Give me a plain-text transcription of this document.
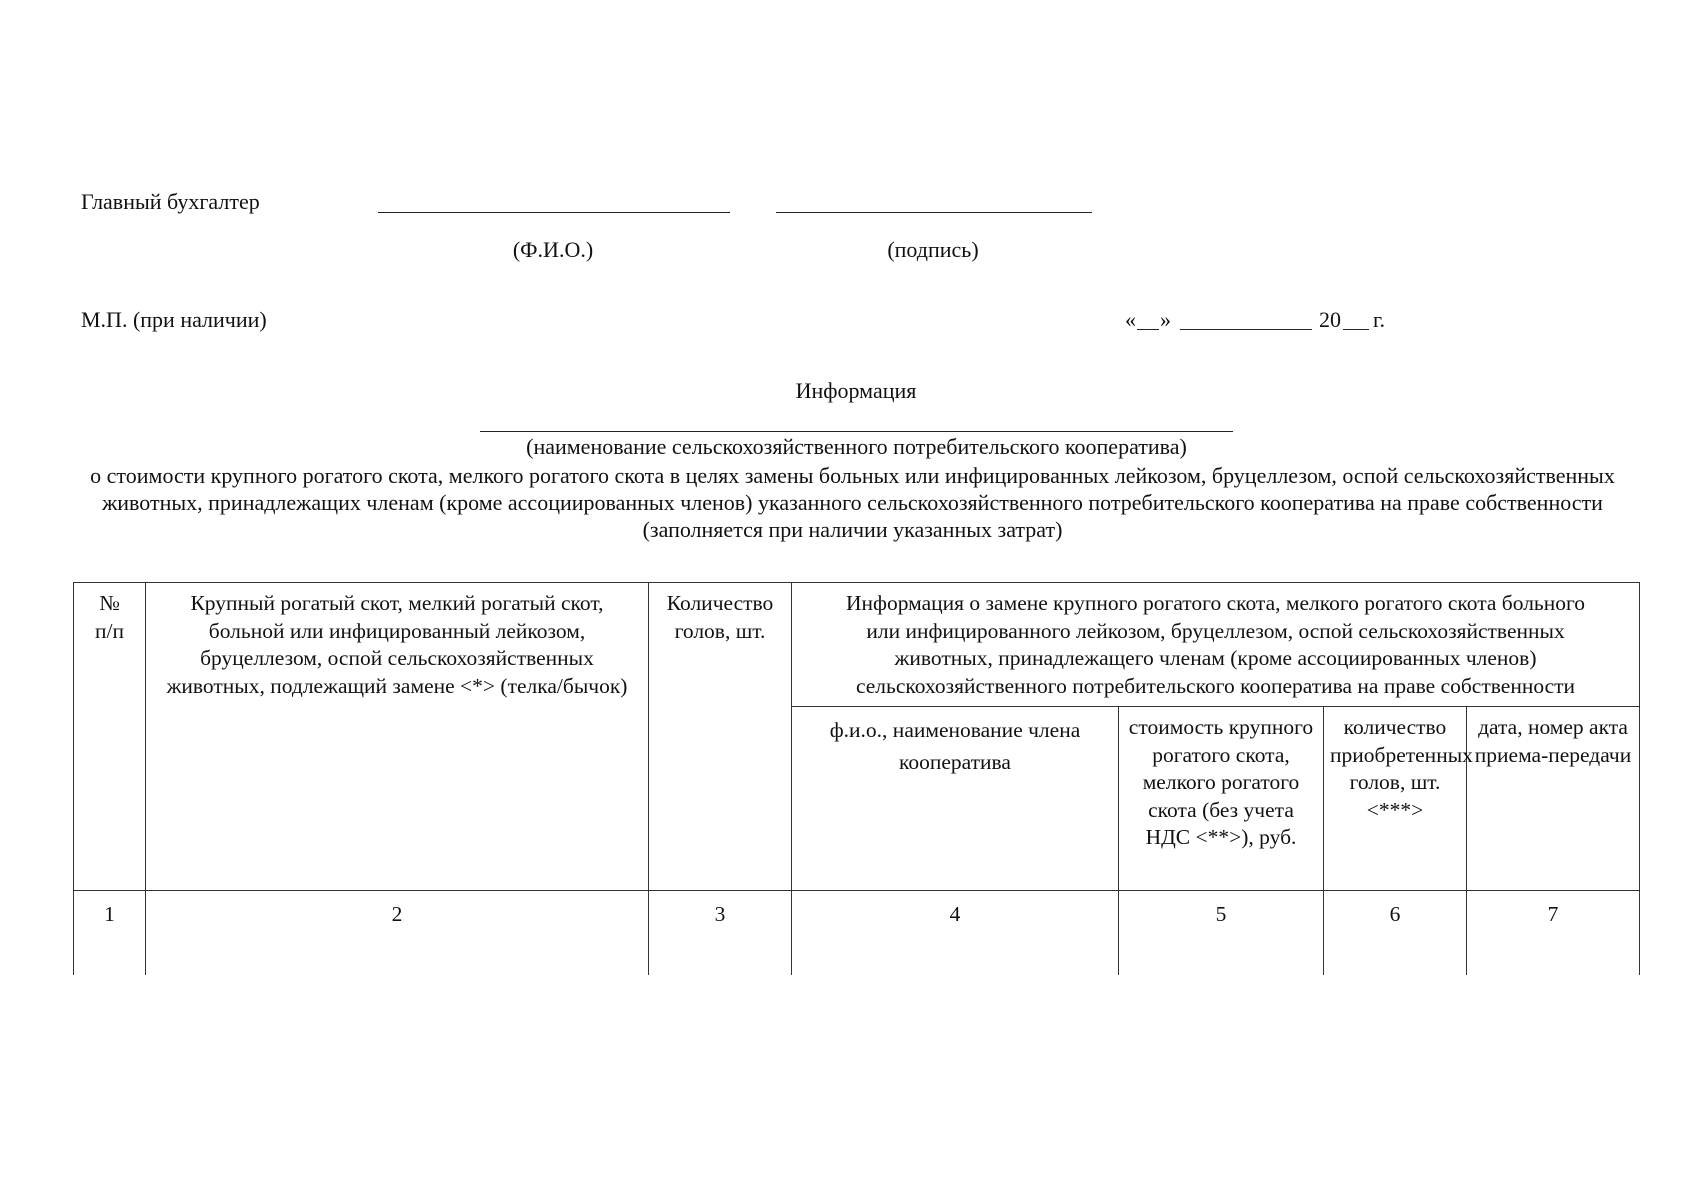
Главный бухгалтер
(Ф.И.О.)	(подпись)
М.П. (при наличии)	« »	20 г.
Информация
(наименование сельскохозяйственного потребительского кооператива)
о стоимости крупного рогатого скота, мелкого рогатого скота в целях замены больных или инфицированных лейкозом, бруцеллезом, оспой сельскохозяйственных животных, принадлежащих членам (кроме ассоциированных членов) указанного сельскохозяйственного потребительского кооператива на праве собственности
(заполняется при наличии указанных затрат)
№ п/п	Крупный рогатый скот, мелкий рогатый скот, больной или инфицированный лейкозом, бруцеллезом, оспой сельскохозяйственных животных, подлежащий замене <*> (телка/бычок)	Количество голов, шт.	Информация о замене крупного рогатого скота, мелкого рогатого скота больного или инфицированного лейкозом, бруцеллезом, оспой сельскохозяйственных животных, принадлежащего членам (кроме ассоциированных членов) сельскохозяйственного потребительского кооператива на праве собственности			
			ф.и.о., наименование члена кооператива	стоимость крупного рогатого скота, мелкого рогатого скота (без учета НДС <**>), руб.	количество приобретенных голов, шт. <***>	дата, номер акта приема-передачи
1	2	3	4	5	6	7
